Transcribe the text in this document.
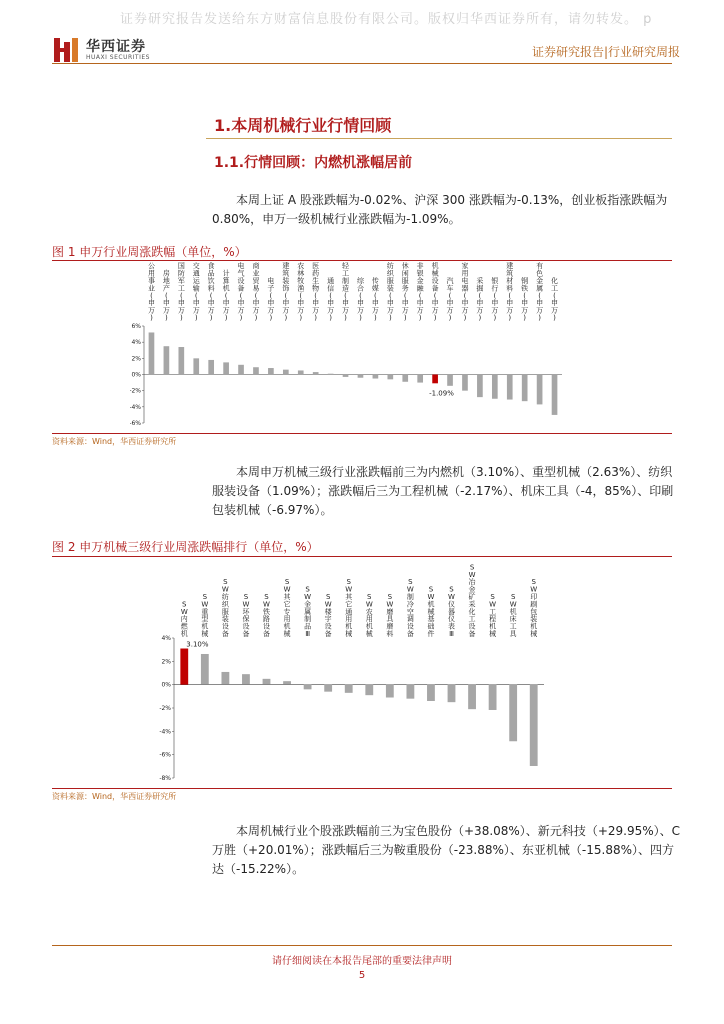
证券研究报告发送给东方财富信息股份有限公司。版权归华西证券所有，请勿转发。 p
华西证券
HUAXI SECURITIES	证券研究报告|行业研究周报
1.本周机械行业行情回顾
1.1.行情回顾：内燃机涨幅居前
本周上证 A 股涨跌幅为-0.02%、沪深 300 涨跌幅为-0.13%，创业板指涨跌幅为 0.80%，申万一级机械行业涨跌幅为-1.09%。
图 1 申万行业周涨跌幅（单位，%）
6%
4%
2%
0%
-2%
-4%
-6%
公用事业(申万)
房地产(申万)
国防军工(申万)
交通运输(申万)
食品饮料(申万)
计算机(申万)
电气设备(申万)
商业贸易(申万)
电子(申万)
建筑装饰(申万)
农林牧渔(申万)
医药生物(申万)
通信(申万)
轻工制造(申万)
综合(申万)
传媒(申万)
纺织服装(申万)
休闲服务(申万)
非银金融(申万)
机械设备(申万)
-1.09%
汽车(申万)
家用电器(申万)
采掘(申万)
银行(申万)
建筑材料(申万)
钢铁(申万)
有色金属(申万)
化工(申万)
资料来源：Wind，华西证券研究所
本周申万机械三级行业涨跌幅前三为内燃机（3.10%）、重型机械（2.63%）、纺织服装设备（1.09%）；涨跌幅后三为工程机械（-2.17%）、机床工具（-4，85%）、印刷包装机械（-6.97%）。
图 2 申万机械三级行业周涨跌幅排行（单位，%）
4%
2%
0%
-2%
-4%
-6%
-8%
S W 内燃机
3.10%
S W 重型机械
S W 纺织服装设备
S W 环保设备
S W 铁路设备
S W 其它专用机械
S W 金属制品 Ⅲ
S W 楼宇设备
S W 其它通用机械
S W 农用机械
S W 磨具磨料
S W 制冷空调设备
S W 机械基础件
S W 仪器仪表 Ⅲ
S W 冶金矿采化工设备
S W 工程机械
S W 机床工具
S W 印刷包装机械
资料来源：Wind，华西证券研究所
本周机械行业个股涨跌幅前三为宝色股份（+38.08%）、新元科技（+29.95%）、C 万胜（+20.01%）；涨跌幅后三为鞍重股份（-23.88%）、东亚机械（-15.88%）、四方达（-15.22%）。
请仔细阅读在本报告尾部的重要法律声明
5
